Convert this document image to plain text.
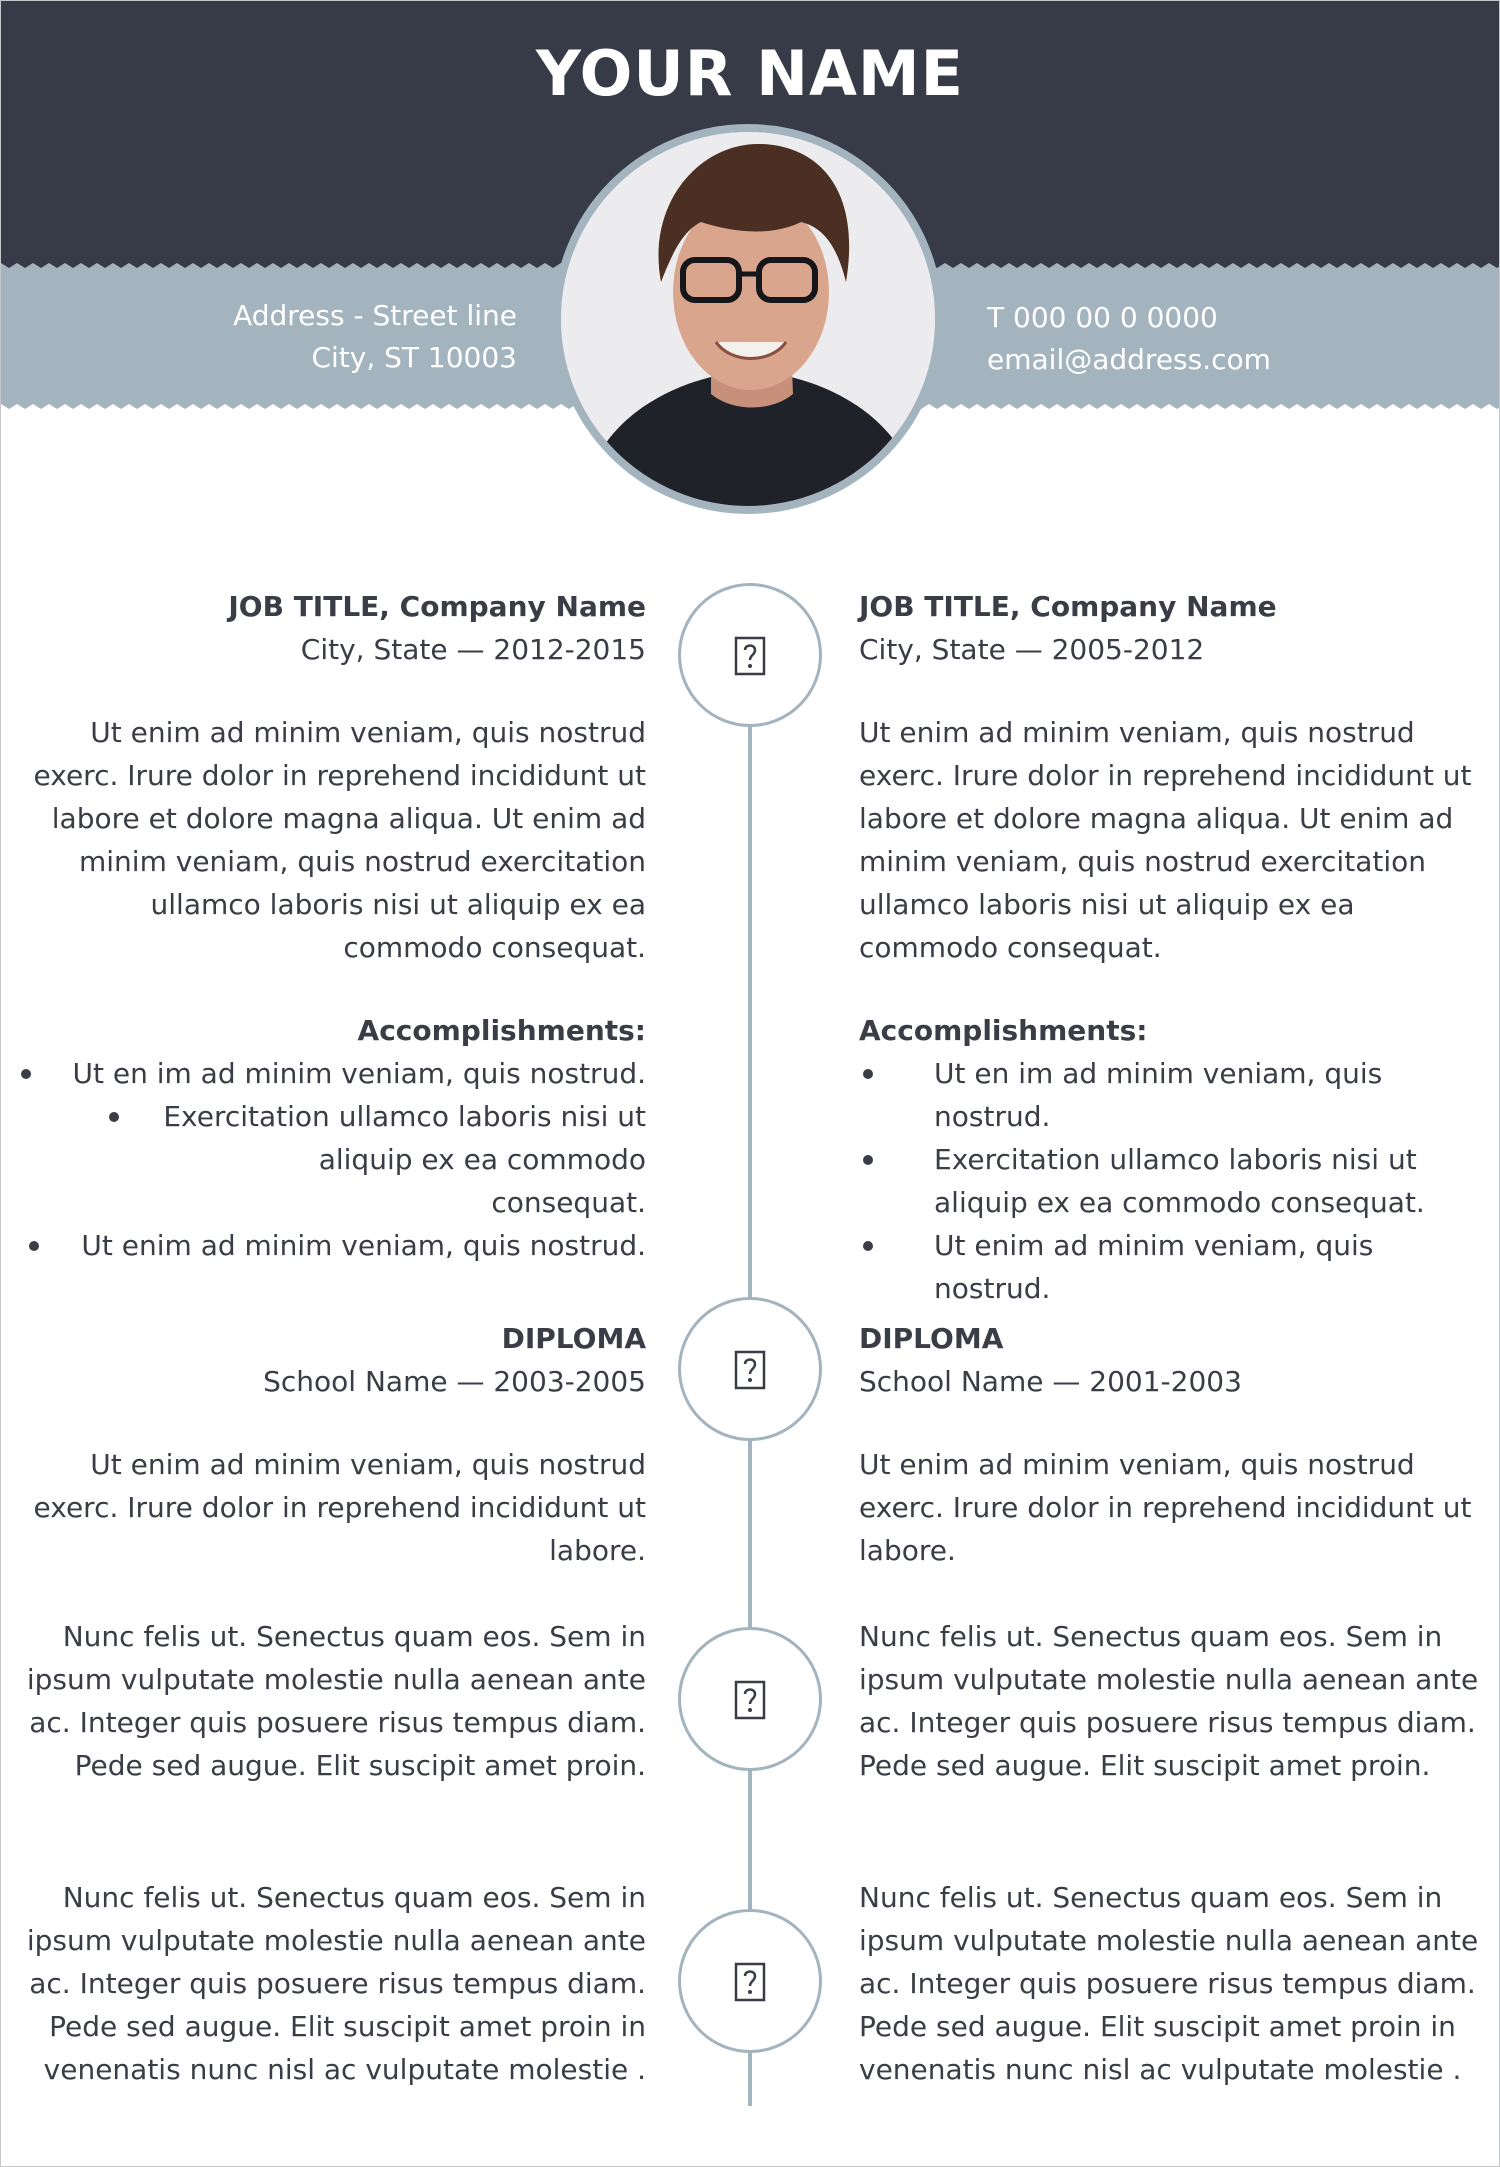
YOUR NAME
Address - Street line
City, ST 10003
T 000 00 0 0000
email@address.com
JOB TITLE, Company Name
City, State — 2012-2015

Ut enim ad minim veniam, quis nostrud exerc. Irure dolor in reprehend incididunt ut labore et dolore magna aliqua. Ut enim ad minim veniam, quis nostrud exercitation ullamco laboris nisi ut aliquip ex ea commodo consequat.

Accomplishments:
Ut en im ad minim veniam, quis nostrud.
Exercitation ullamco laboris nisi ut aliquip ex ea commodo consequat.
Ut enim ad minim veniam, quis nostrud.
JOB TITLE, Company Name
City, State — 2005-2012

Ut enim ad minim veniam, quis nostrud exerc. Irure dolor in reprehend incididunt ut labore et dolore magna aliqua. Ut enim ad minim veniam, quis nostrud exercitation ullamco laboris nisi ut aliquip ex ea commodo consequat.

Accomplishments:
Ut en im ad minim veniam, quis nostrud.
Exercitation ullamco laboris nisi ut aliquip ex ea commodo consequat.
Ut enim ad minim veniam, quis nostrud.
DIPLOMA
School Name — 2003-2005

Ut enim ad minim veniam, quis nostrud exerc. Irure dolor in reprehend incididunt ut labore.

DIPLOMA
School Name — 2001-2003

Ut enim ad minim veniam, quis nostrud exerc. Irure dolor in reprehend incididunt ut labore.

Nunc felis ut. Senectus quam eos. Sem in ipsum vulputate molestie nulla aenean ante ac. Integer quis posuere risus tempus diam. Pede sed augue. Elit suscipit amet proin.

Nunc felis ut. Senectus quam eos. Sem in ipsum vulputate molestie nulla aenean ante ac. Integer quis posuere risus tempus diam. Pede sed augue. Elit suscipit amet proin.

Nunc felis ut. Senectus quam eos. Sem in ipsum vulputate molestie nulla aenean ante ac. Integer quis posuere risus tempus diam. Pede sed augue. Elit suscipit amet proin in venenatis nunc nisl ac vulputate molestie .

Nunc felis ut. Senectus quam eos. Sem in ipsum vulputate molestie nulla aenean ante ac. Integer quis posuere risus tempus diam. Pede sed augue. Elit suscipit amet proin in venenatis nunc nisl ac vulputate molestie .
